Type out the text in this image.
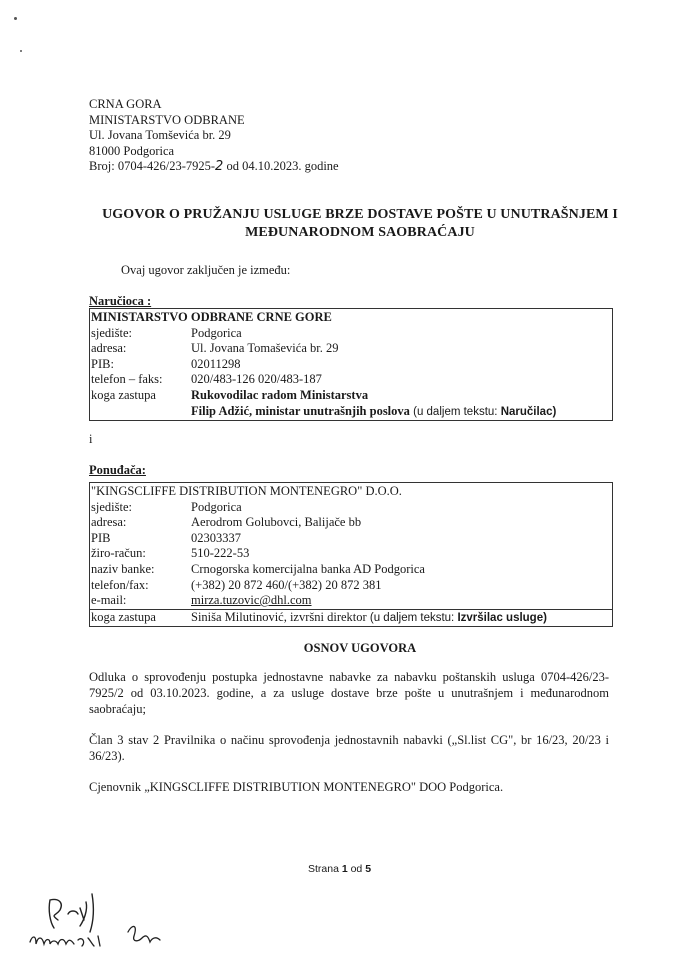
CRNA GORA
MINISTARSTVO ODBRANE
Ul. Jovana Tomševića br. 29
81000 Podgorica
Broj: 0704-426/23-7925-2 od 04.10.2023. godine
UGOVOR O PRUŽANJU USLUGE BRZE DOSTAVE POŠTE U UNUTRAŠNJEM I
MEĐUNARODNOM SAOBRAĆAJU
Ovaj ugovor zaključen je između:
Naručioca :
MINISTARSTVO ODBRANE CRNE GORE
sjedište:	Podgorica
adresa:	Ul. Jovana Tomaševića br. 29
PIB:	02011298
telefon – faks:	020/483-126 020/483-187
koga zastupa	Rukovodilac radom Ministarstva
Filip Adžić, ministar unutrašnjih poslova (u daljem tekstu: Naručilac)
i
Ponuđača:
"KINGSCLIFFE DISTRIBUTION MONTENEGRO" D.O.O.
sjedište:	Podgorica
adresa:	Aerodrom Golubovci, Balijače bb
PIB	02303337
žiro-račun:	510-222-53
naziv banke:	Crnogorska komercijalna banka AD Podgorica
telefon/fax:	(+382) 20 872 460/(+382) 20 872 381
e-mail:	mirza.tuzovic@dhl.com
koga zastupa	Siniša Milutinović, izvršni direktor (u daljem tekstu: Izvršilac usluge)
OSNOV UGOVORA
Odluka o sprovođenju postupka jednostavne nabavke za nabavku poštanskih usluga 0704-426/23-7925/2 od 03.10.2023. godine, a za usluge dostave brze pošte u unutrašnjem i međunarodnom saobraćaju;
Član 3 stav 2 Pravilnika o načinu sprovođenja jednostavnih nabavki („Sl.list CG", br 16/23, 20/23 i 36/23).
Cjenovnik „KINGSCLIFFE DISTRIBUTION MONTENEGRO" DOO Podgorica.
Strana 1 od 5
